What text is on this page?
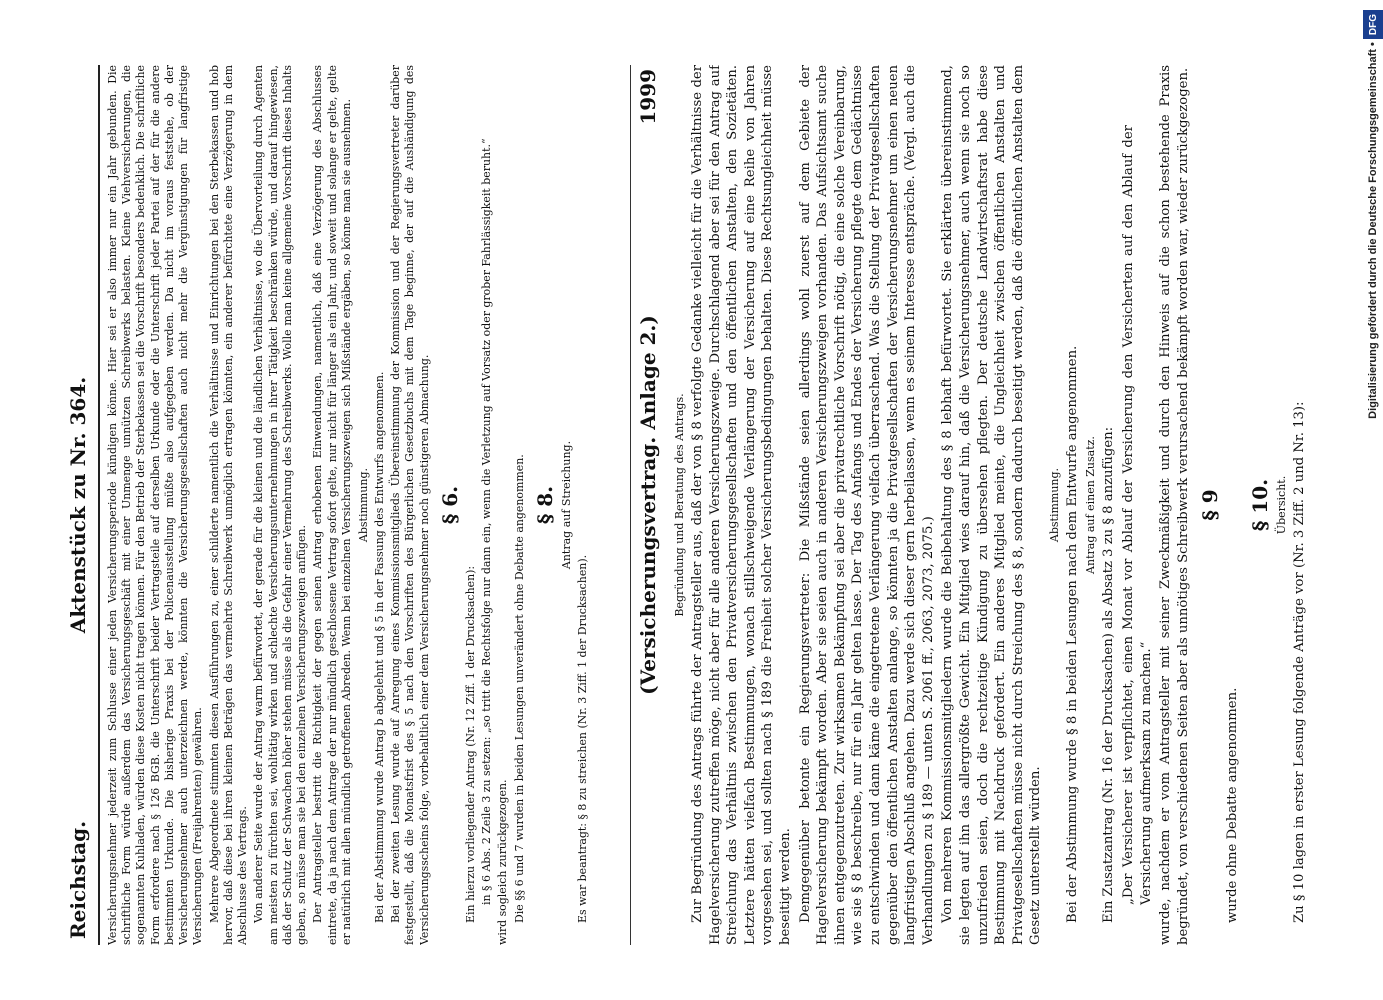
Reichstag.
Aktenstück zu Nr. 364. Versicherungsnehmer jederzeit zum Schlusse einer jeden Versicherungsperiode kündigen könne. Hier sei er also immer nur ein Jahr gebunden. Die schriftliche Form würde außerdem das Versicherungsgeschäft mit einer Unmenge unnützen Schreibwerks belasten. Kleine Viehversicherungen, die sogenannten Kuhladen, würden diese Kosten nicht tragen können. Für den Betrieb der Sterbekassen sei die Vorschrift besonders bedenklich. Die schriftliche Form erfordere nach § 126 BGB. die Unterschrift beider Vertragsteile auf derselben Urkunde oder die Unterschrift jeder Partei auf der für die andere bestimmten Urkunde. Die bisherige Praxis bei der Policenausstellung müßte also aufgegeben werden. Da nicht im voraus feststehe, ob der Versicherungsnehmer auch unterzeichnen werde, könnten die Versicherungsgesellschaften auch nicht mehr die Vergünstigungen für langfristige Versicherungen (Freijahrenten) gewähren. Mehrere Abgeordnete stimmten diesen Ausführungen zu, einer schilderte namentlich die Verhältnisse und Einrichtungen bei den Sterbekassen und hob hervor, daß diese bei ihren kleinen Beträgen das vermehrte Schreibwerk unmöglich ertragen könnten, ein anderer befürchtete eine Verzögerung in dem Abschlusse des Vertrags. Von anderer Seite wurde der Antrag warm befürwortet, der gerade für die kleinen und die ländlichen Verhältnisse, wo die Übervorteilung durch Agenten am meisten zu fürchten sei, wohltätig wirken und schlechte Versicherungsunternehmungen in ihrer Tätigkeit beschränken würde, und darauf hingewiesen, daß der Schutz der Schwachen höher stehen müsse als die Gefahr einer Vermehrung des Schreibwerks. Wolle man keine allgemeine Vorschrift dieses Inhalts geben, so müsse man sie bei den einzelnen Versicherungszweigen anfügen. Der Antragsteller bestritt die Richtigkeit der gegen seinen Antrag erhobenen Einwendungen, namentlich, daß eine Verzögerung des Abschlusses eintrete, da ja nach dem Antrage der nur mündlich geschlossene Vertrag sofort gelte, nur nicht für länger als ein Jahr, und soweit und solange er gelte, gelte er natürlich mit allen mündlich getroffenen Abreden. Wenn bei einzelnen Versicherungszweigen sich Mißstände ergäben, so könne man sie ausnehmen. Abstimmung. Bei der Abstimmung wurde Antrag b abgelehnt und § 5 in der Fassung des Entwurfs angenommen. Bei der zweiten Lesung wurde auf Anregung eines Kommissionsmitglieds Übereinstimmung der Kommission und der Regierungsvertreter darüber festgestellt, daß die Monatsfrist des § 5 nach den Vorschriften des Bürgerlichen Gesetzbuchs mit dem Tage beginne, der auf die Aushändigung des Versicherungsscheins folge, vorbehaltlich einer dem Versicherungsnehmer noch günstigeren Abmachung. § 6.

Ein hierzu vorliegender Antrag (Nr. 12 Ziff. 1 der Drucksachen): in § 6 Abs. 2 Zeile 3 zu setzen: „so tritt die Rechtsfolge nur dann ein, wenn die Verletzung auf Vorsatz oder grober Fahrlässigkeit beruht.“ wird sogleich zurückgezogen. Die §§ 6 und 7 wurden in beiden Lesungen unverändert ohne Debatte angenommen. § 8. Antrag auf Streichung.

Es war beantragt: § 8 zu streichen (Nr. 3 Ziff. 1 der Drucksachen). (Versicherungsvertrag. Anlage 2.)
1999

Begründung und Beratung des Antrags. Zur Begründung des Antrags führte der Antragsteller aus, daß der von § 8 verfolgte Gedanke vielleicht für die Verhältnisse der Hagelversicherung zutreffen möge, nicht aber für alle anderen Versicherungszweige. Durchschlagend aber sei für den Antrag auf Streichung das Verhältnis zwischen den Privatversicherungsgesellschaften und den öffentlichen Anstalten, den Sozietäten. Letztere hätten vielfach Bestimmungen, wonach stillschweigende Verlängerung der Versicherung auf eine Reihe von Jahren vorgesehen sei, und sollten nach § 189 die Freiheit solcher Versicherungsbedingungen behalten. Diese Rechtsungleichheit müsse beseitigt werden. Demgegenüber betonte ein Regierungsvertreter: Die Mißstände seien allerdings wohl zuerst auf dem Gebiete der Hagelversicherung bekämpft worden. Aber sie seien auch in anderen Versicherungszweigen vorhanden. Das Aufsichtsamt suche ihnen entgegenzutreten. Zur wirksamen Bekämpfung sei aber die privatrechtliche Vorschrift nötig, die eine solche Vereinbarung, wie sie § 8 beschreibe, nur für ein Jahr gelten lasse. Der Tag des Anfangs und Endes der Versicherung pflegte dem Gedächtnisse zu entschwinden und dann käme die eingetretene Verlängerung vielfach überraschend. Was die Stellung der Privatgesellschaften gegenüber den öffentlichen Anstalten anlange, so könnten ja die Privatgesellschaften der Versicherungsnehmer um einen neuen langfristigen Abschluß angehen. Dazu werde sich dieser gern herbeilassen, wenn es seinem Interesse entspräche. (Vergl. auch die Verhandlungen zu § 189 — unten S. 2061 ff., 2063, 2073, 2075.) Von mehreren Kommissionsmitgliedern wurde die Beibehaltung des § 8 lebhaft befürwortet. Sie erklärten übereinstimmend, sie legten auf ihn das allergrößte Gewicht. Ein Mitglied wies darauf hin, daß die Versicherungsnehmer, auch wenn sie noch so unzufrieden seien, doch die rechtzeitige Kündigung zu übersehen pflegten. Der deutsche Landwirtschaftsrat habe diese Bestimmung mit Nachdruck gefordert. Ein anderes Mitglied meinte, die Ungleichheit zwischen öffentlichen Anstalten und Privatgesellschaften müsse nicht durch Streichung des § 8, sondern dadurch beseitigt werden, daß die öffentlichen Anstalten dem Gesetz unterstellt würden.

Abstimmung. Bei der Abstimmung wurde § 8 in beiden Lesungen nach dem Entwurfe angenommen. Antrag auf einen Zusatz.

Ein Zusatzantrag (Nr. 16 der Drucksachen) als Absatz 3 zu § 8 anzufügen: „Der Versicherer ist verpflichtet, einen Monat vor Ablauf der Versicherung den Versicherten auf den Ablauf der Versicherung aufmerksam zu machen.“ wurde, nachdem er vom Antragsteller mit seiner Zweckmäßigkeit und durch den Hinweis auf die schon bestehende Praxis begründet, von verschiedenen Seiten aber als unnötiges Schreibwerk verursachend bekämpft worden war, wieder zurückgezogen. § 9

wurde ohne Debatte angenommen.

§ 10. Übersicht. Zu § 10 lagen in erster Lesung folgende Anträge vor (Nr. 3 Ziff. 2 und Nr. 13):

Digitalisierung gefördert durch die Deutsche Forschungsgemeinschaft •DFG
